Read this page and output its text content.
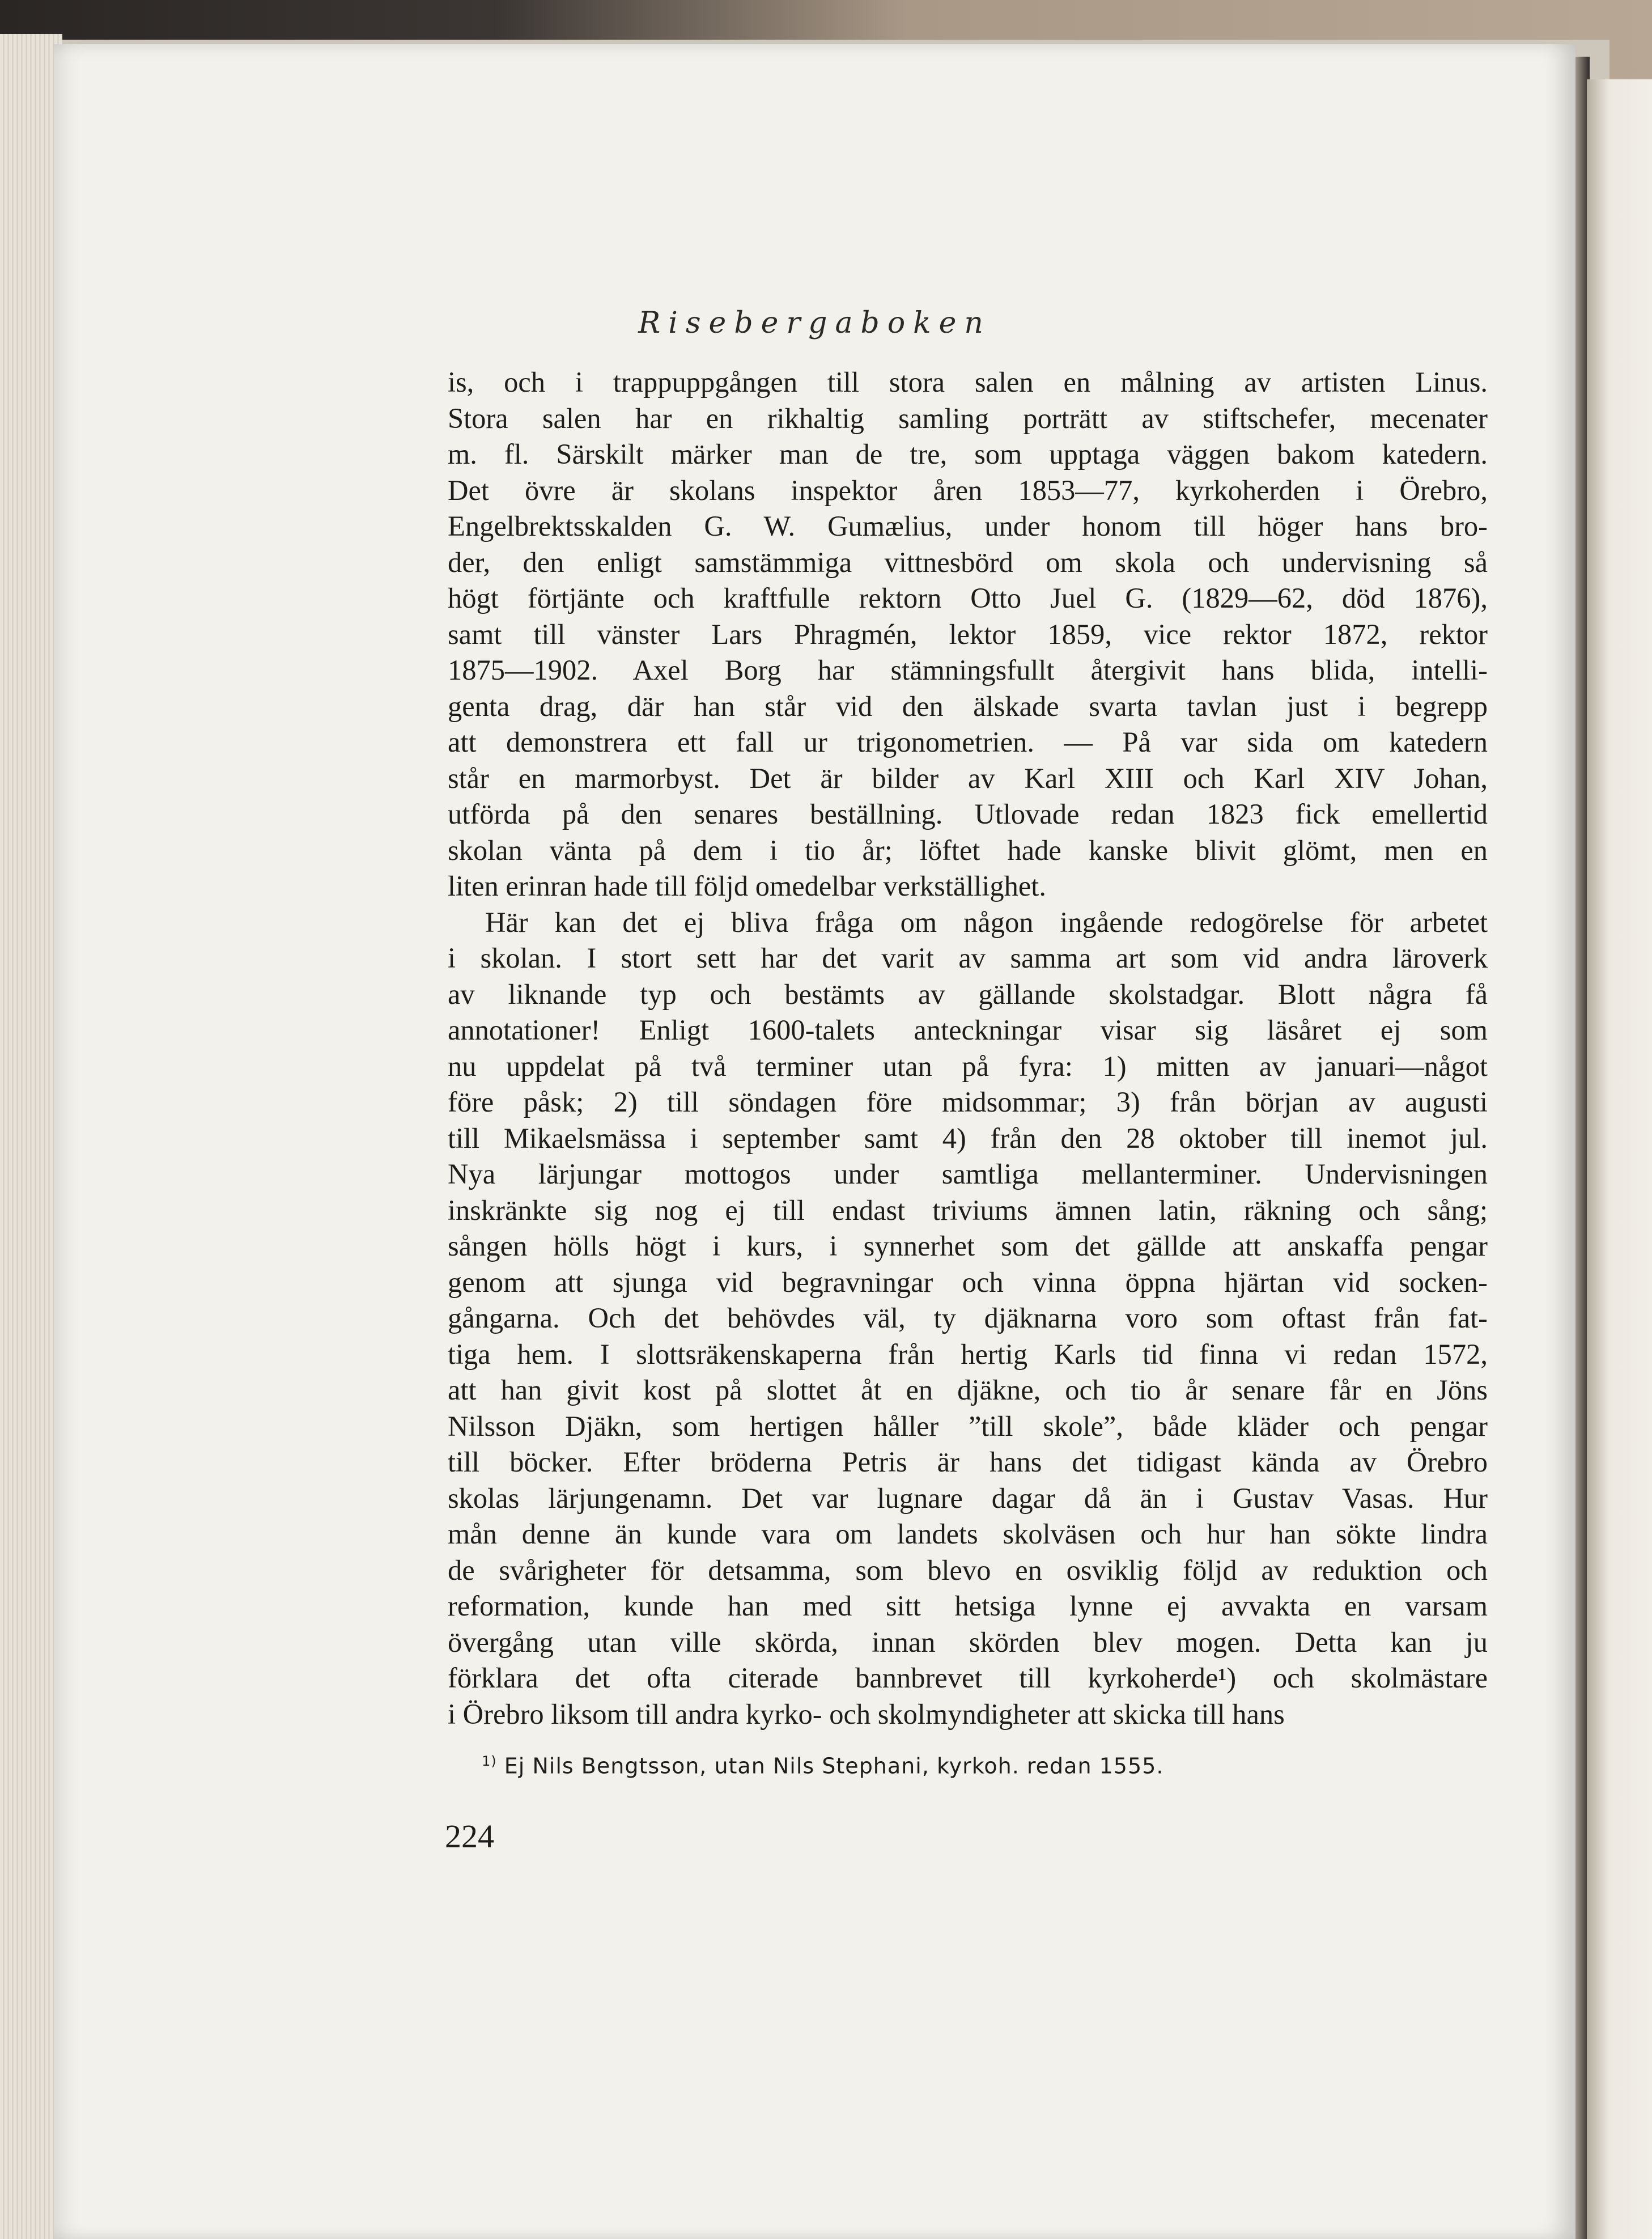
Risebergaboken
is, och i trappuppgången till stora salen en målning av artisten Linus.
Stora salen har en rikhaltig samling porträtt av stiftschefer, mecenater
m. fl. Särskilt märker man de tre, som upptaga väggen bakom katedern.
Det övre är skolans inspektor åren 1853—77, kyrkoherden i Örebro,
Engelbrektsskalden G. W. Gumælius, under honom till höger hans bro-
der, den enligt samstämmiga vittnesbörd om skola och undervisning så
högt förtjänte och kraftfulle rektorn Otto Juel G. (1829—62, död 1876),
samt till vänster Lars Phragmén, lektor 1859, vice rektor 1872, rektor
1875—1902. Axel Borg har stämningsfullt återgivit hans blida, intelli-
genta drag, där han står vid den älskade svarta tavlan just i begrepp
att demonstrera ett fall ur trigonometrien. — På var sida om katedern
står en marmorbyst. Det är bilder av Karl XIII och Karl XIV Johan,
utförda på den senares beställning. Utlovade redan 1823 fick emellertid
skolan vänta på dem i tio år; löftet hade kanske blivit glömt, men en
liten erinran hade till följd omedelbar verkställighet.
Här kan det ej bliva fråga om någon ingående redogörelse för arbetet
i skolan. I stort sett har det varit av samma art som vid andra läroverk
av liknande typ och bestämts av gällande skolstadgar. Blott några få
annotationer! Enligt 1600-talets anteckningar visar sig läsåret ej som
nu uppdelat på två terminer utan på fyra: 1) mitten av januari—något
före påsk; 2) till söndagen före midsommar; 3) från början av augusti
till Mikaelsmässa i september samt 4) från den 28 oktober till inemot jul.
Nya lärjungar mottogos under samtliga mellanterminer. Undervisningen
inskränkte sig nog ej till endast triviums ämnen latin, räkning och sång;
sången hölls högt i kurs, i synnerhet som det gällde att anskaffa pengar
genom att sjunga vid begravningar och vinna öppna hjärtan vid socken-
gångarna. Och det behövdes väl, ty djäknarna voro som oftast från fat-
tiga hem. I slottsräkenskaperna från hertig Karls tid finna vi redan 1572,
att han givit kost på slottet åt en djäkne, och tio år senare får en Jöns
Nilsson Djäkn, som hertigen håller ”till skole”, både kläder och pengar
till böcker. Efter bröderna Petris är hans det tidigast kända av Örebro
skolas lärjungenamn. Det var lugnare dagar då än i Gustav Vasas. Hur
mån denne än kunde vara om landets skolväsen och hur han sökte lindra
de svårigheter för detsamma, som blevo en osviklig följd av reduktion och
reformation, kunde han med sitt hetsiga lynne ej avvakta en varsam
övergång utan ville skörda, innan skörden blev mogen. Detta kan ju
förklara det ofta citerade bannbrevet till kyrkoherde¹) och skolmästare
i Örebro liksom till andra kyrko- och skolmyndigheter att skicka till hans
$^{1)}$ Ej Nils Bengtsson, utan Nils Stephani, kyrkoh. redan 1555.
224
